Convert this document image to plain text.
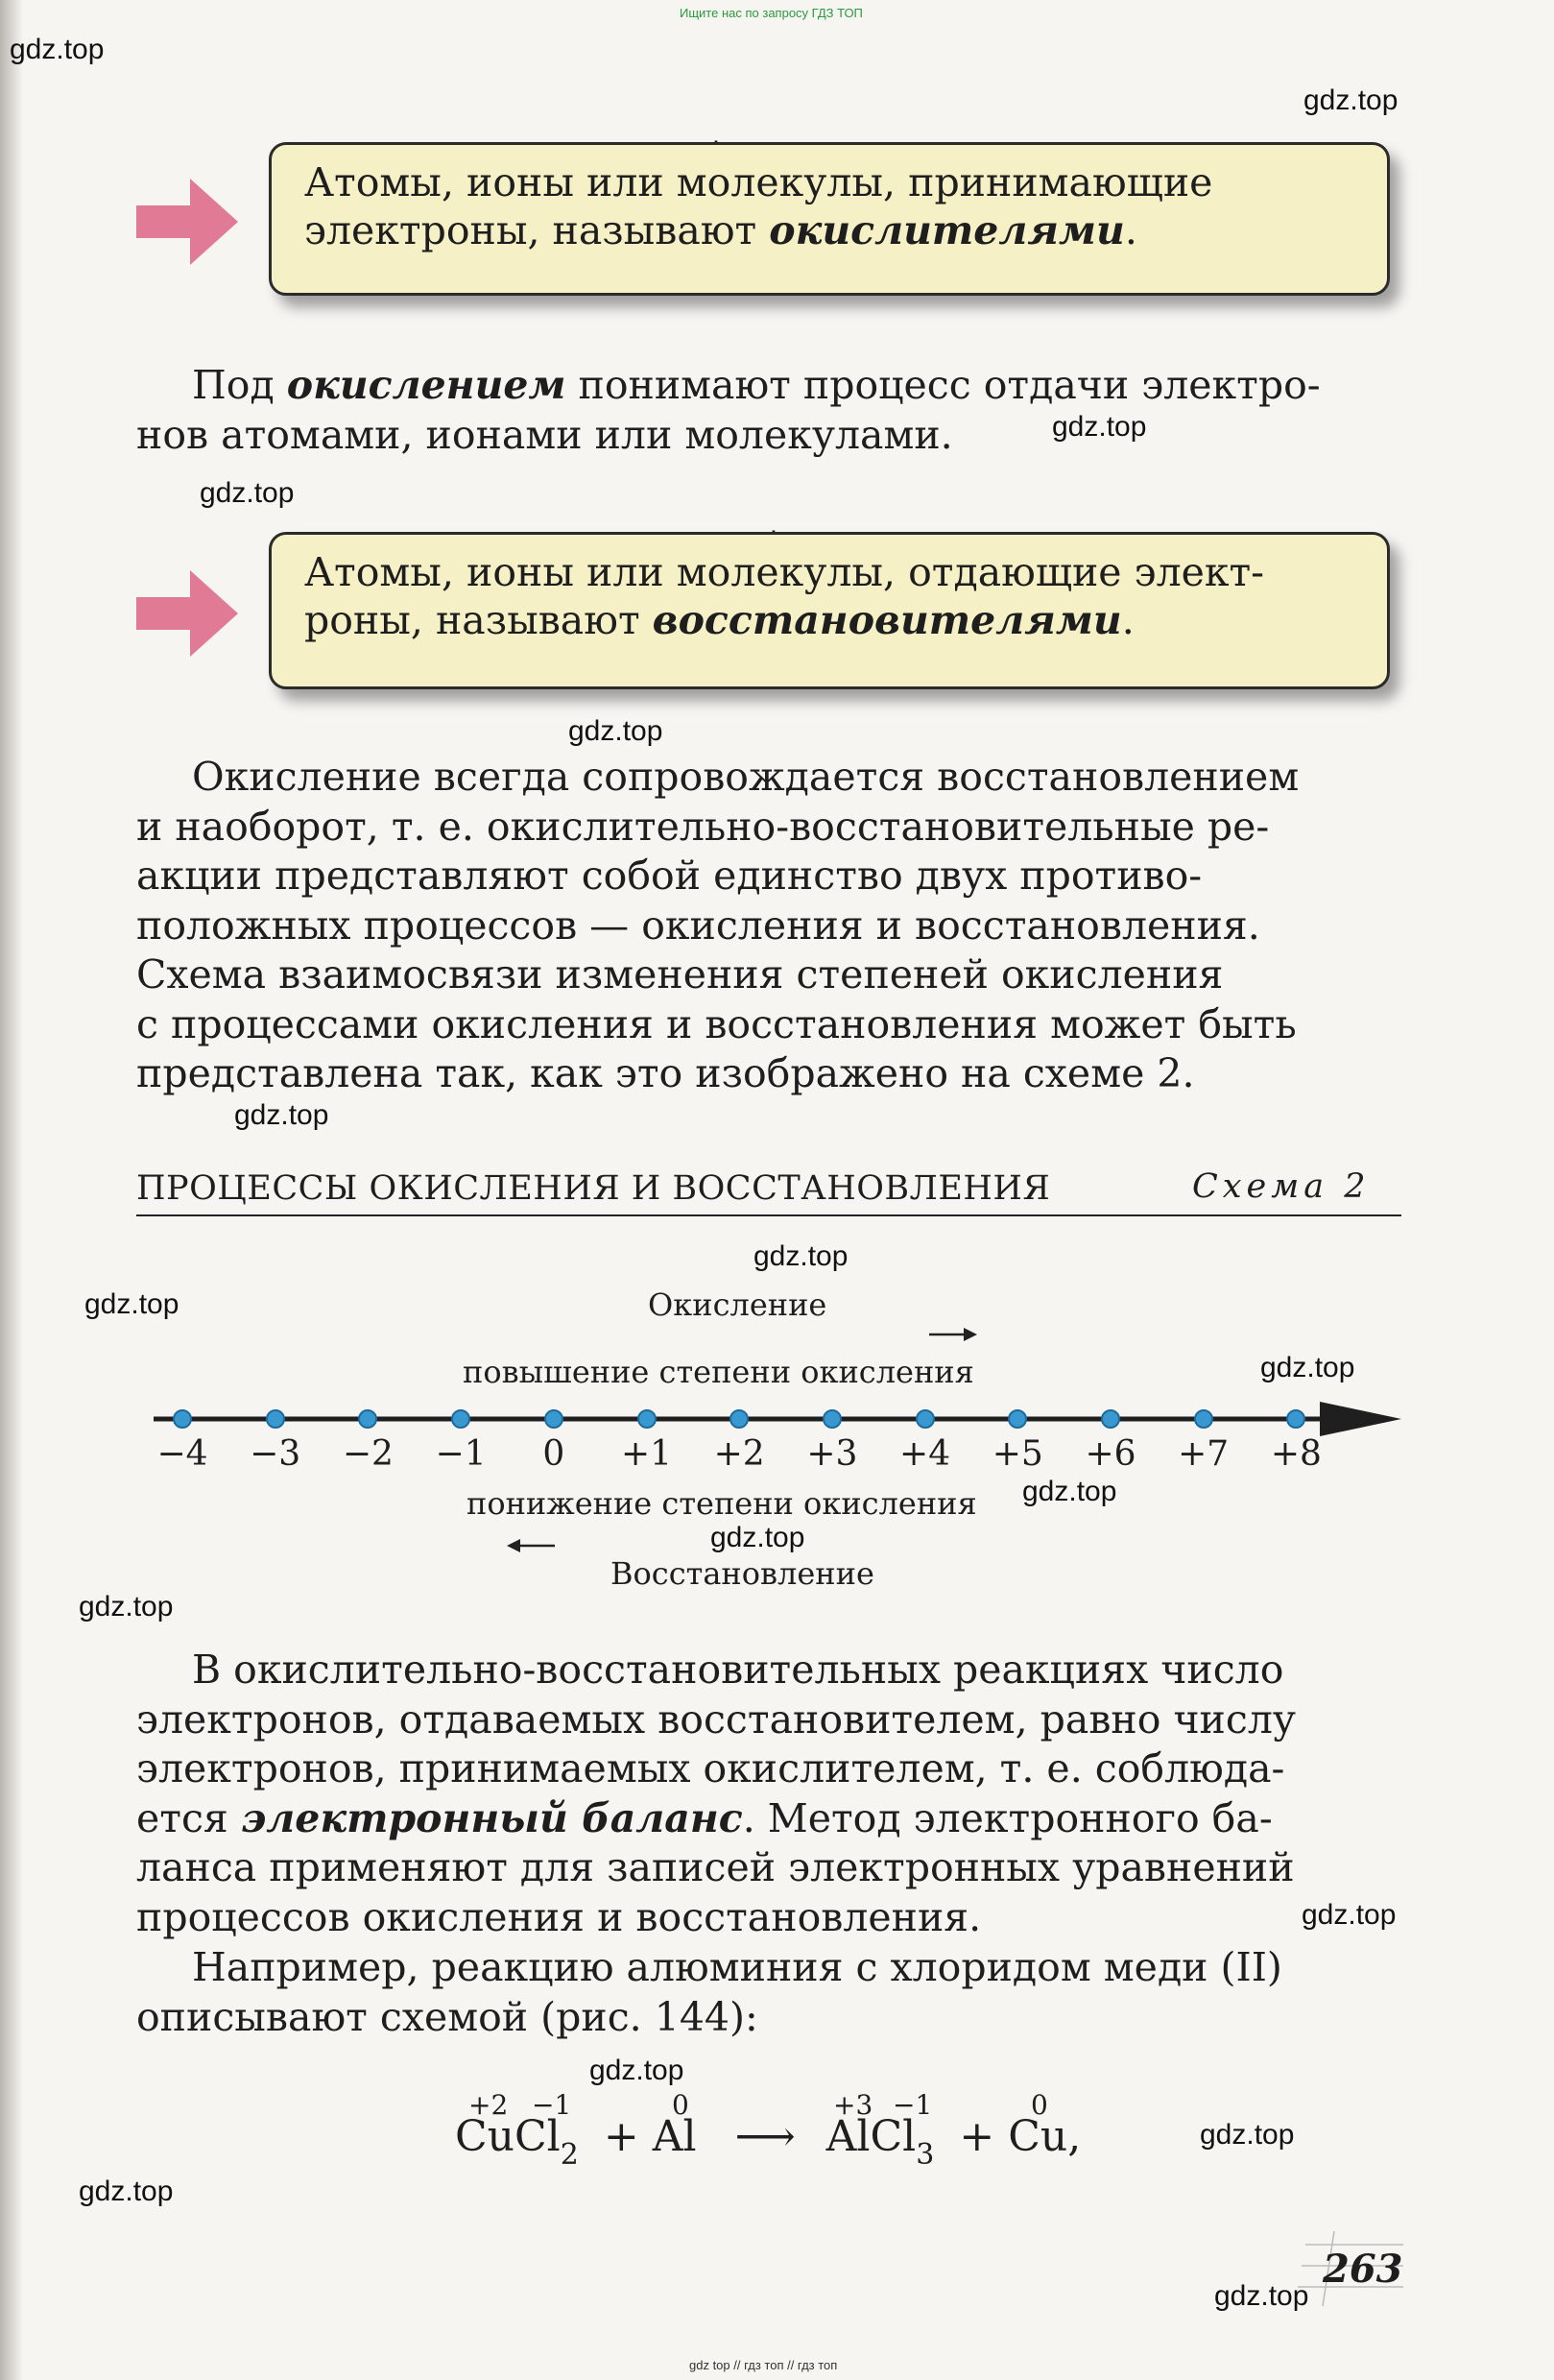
Ищите нас по запросу ГДЗ ТОП
gdz.top
gdz.top
gdz.top
gdz.top
gdz.top
gdz.top
gdz.top
gdz.top
gdz.top
gdz.top
gdz.top
gdz.top
gdz.top
gdz.top
gdz.top
gdz.top
gdz.top
Атомы, ионы или молекулы, принимающие
электроны, называют окислителями.
Под окислением понимают процесс отдачи электро-
нов атомами, ионами или молекулами.
Атомы, ионы или молекулы, отдающие элект-
роны, называют восстановителями.
Окисление всегда сопровождается восстановлением
и наоборот, т. е. окислительно-восстановительные ре-
акции представляют собой единство двух противо-
положных процессов — окисления и восстановления.
Схема взаимосвязи изменения степеней окисления
с процессами окисления и восстановления может быть
представлена так, как это изображено на схеме 2.
ПРОЦЕССЫ ОКИСЛЕНИЯ И ВОССТАНОВЛЕНИЯ	Схема 2
Окисление
повышение степени окисления
−4 −3 −2 −1	0	+1 +2 +3 +4 +5 +6 +7 +8
понижение степени окисления
Восстановление
В окислительно-восстановительных реакциях число
электронов, отдаваемых восстановителем, равно числу
электронов, принимаемых окислителем, т. е. соблюда-
ется электронный баланс. Метод электронного ба-
ланса применяют для записей электронных уравнений
процессов окисления и восстановления.
Например, реакцию алюминия с хлоридом меди (II)
описывают схемой (рис. 144):
+2 −1	0	+3 −1	0
CuCl$_2$ + Al ⟶ AlCl$_3$ + Cu,
263
gdz top // гдз топ // гдз топ
